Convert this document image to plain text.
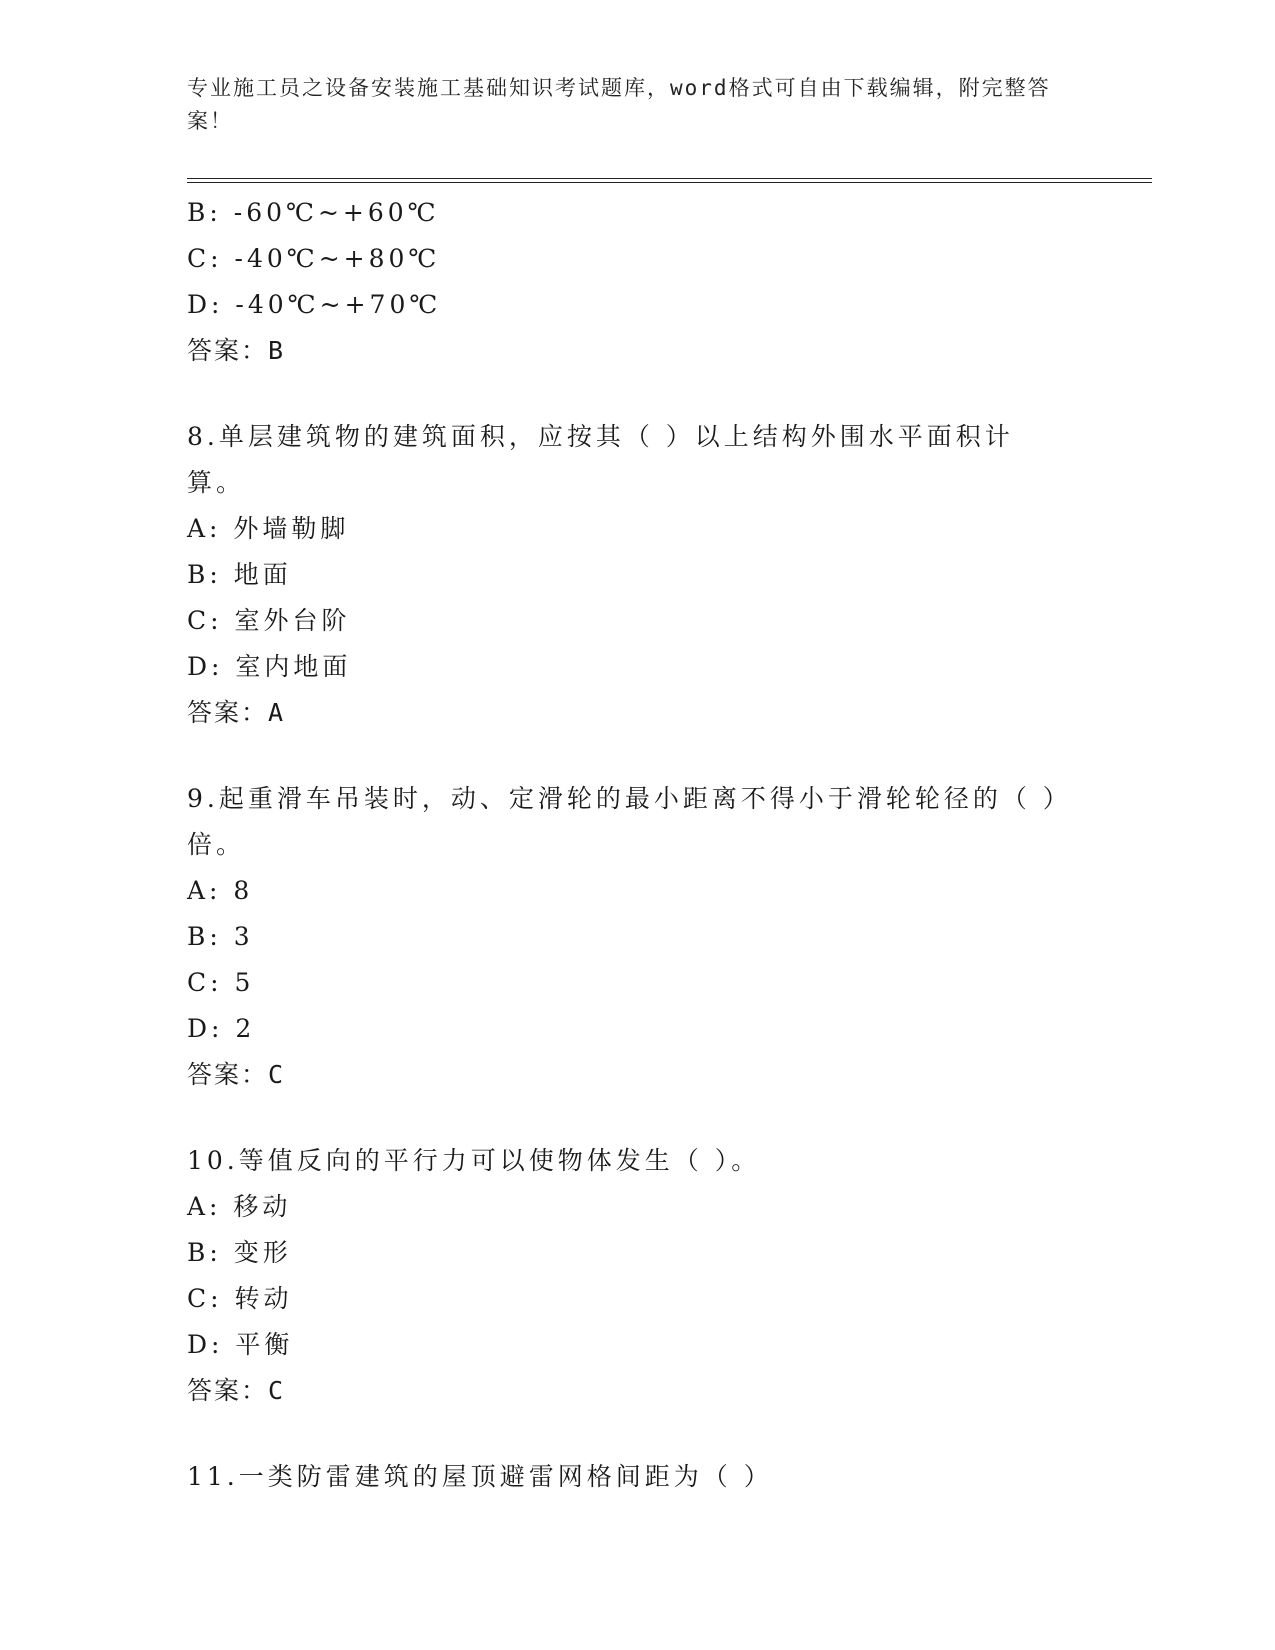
专业施工员之设备安装施工基础知识考试题库，word格式可自由下载编辑，附完整答案！
B: -60℃~+60℃
C: -40℃~+80℃
D: -40℃~+70℃
答案：B
8.单层建筑物的建筑面积，应按其（ ）以上结构外围水平面积计算。
A: 外墙勒脚
B: 地面
C: 室外台阶
D: 室内地面
答案：A
9.起重滑车吊装时，动、定滑轮的最小距离不得小于滑轮轮径的（ ）倍。
A: 8
B: 3
C: 5
D: 2
答案：C
10.等值反向的平行力可以使物体发生（ ）。
A: 移动
B: 变形
C: 转动
D: 平衡
答案：C
11.一类防雷建筑的屋顶避雷网格间距为（ ）
